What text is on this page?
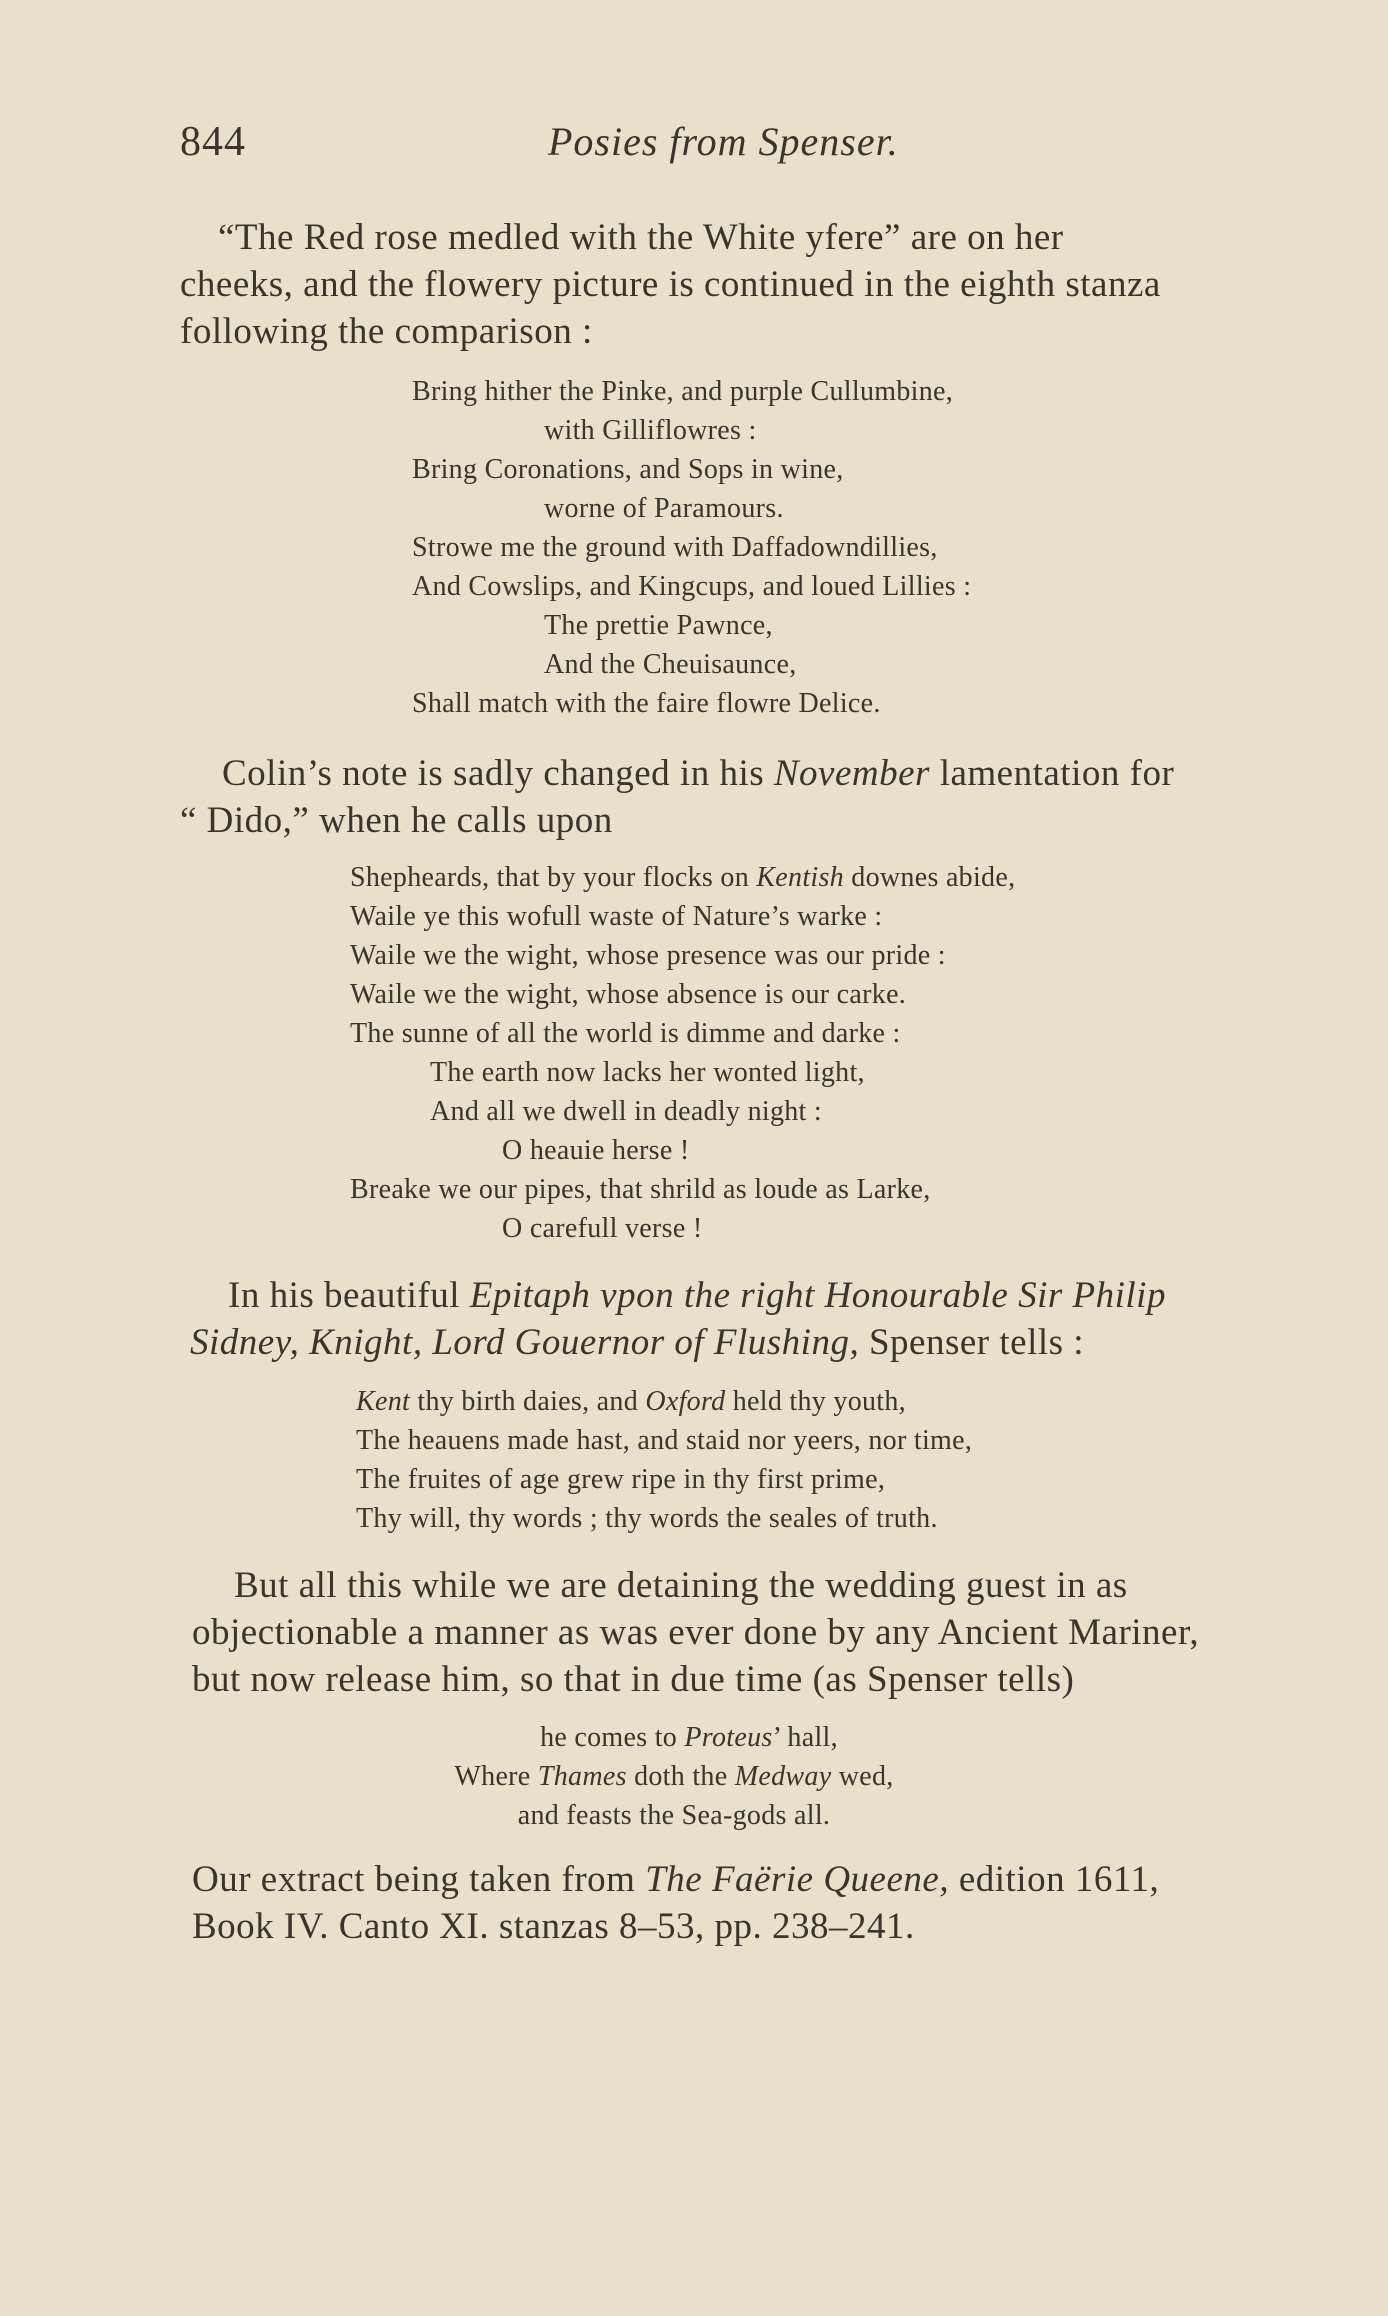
844	Posies from Spenser.
“The Red rose medled with the White yfere” are on her
cheeks, and the flowery picture is continued in the eighth stanza
following the comparison :
Bring hither the Pinke, and purple Cullumbine,
with Gilliflowres :
Bring Coronations, and Sops in wine,
worne of Paramours.
Strowe me the ground with Daffadowndillies,
And Cowslips, and Kingcups, and loued Lillies :
The prettie Pawnce,
And the Cheuisaunce,
Shall match with the faire flowre Delice.
Colin’s note is sadly changed in his November lamentation for
“ Dido,” when he calls upon
Shepheards, that by your flocks on Kentish downes abide,
Waile ye this wofull waste of Nature’s warke :
Waile we the wight, whose presence was our pride :
Waile we the wight, whose absence is our carke.
The sunne of all the world is dimme and darke :
The earth now lacks her wonted light,
And all we dwell in deadly night :
O heauie herse !
Breake we our pipes, that shrild as loude as Larke,
O carefull verse !
In his beautiful Epitaph vpon the right Honourable Sir Philip
Sidney, Knight, Lord Gouernor of Flushing, Spenser tells :
Kent thy birth daies, and Oxford held thy youth,
The heauens made hast, and staid nor yeers, nor time,
The fruites of age grew ripe in thy first prime,
Thy will, thy words ; thy words the seales of truth.
But all this while we are detaining the wedding guest in as
objectionable a manner as was ever done by any Ancient Mariner,
but now release him, so that in due time (as Spenser tells)
he comes to Proteus’ hall,
Where Thames doth the Medway wed,
and feasts the Sea-gods all.
Our extract being taken from The Faërie Queene, edition 1611,
Book IV. Canto XI. stanzas 8–53, pp. 238–241.
